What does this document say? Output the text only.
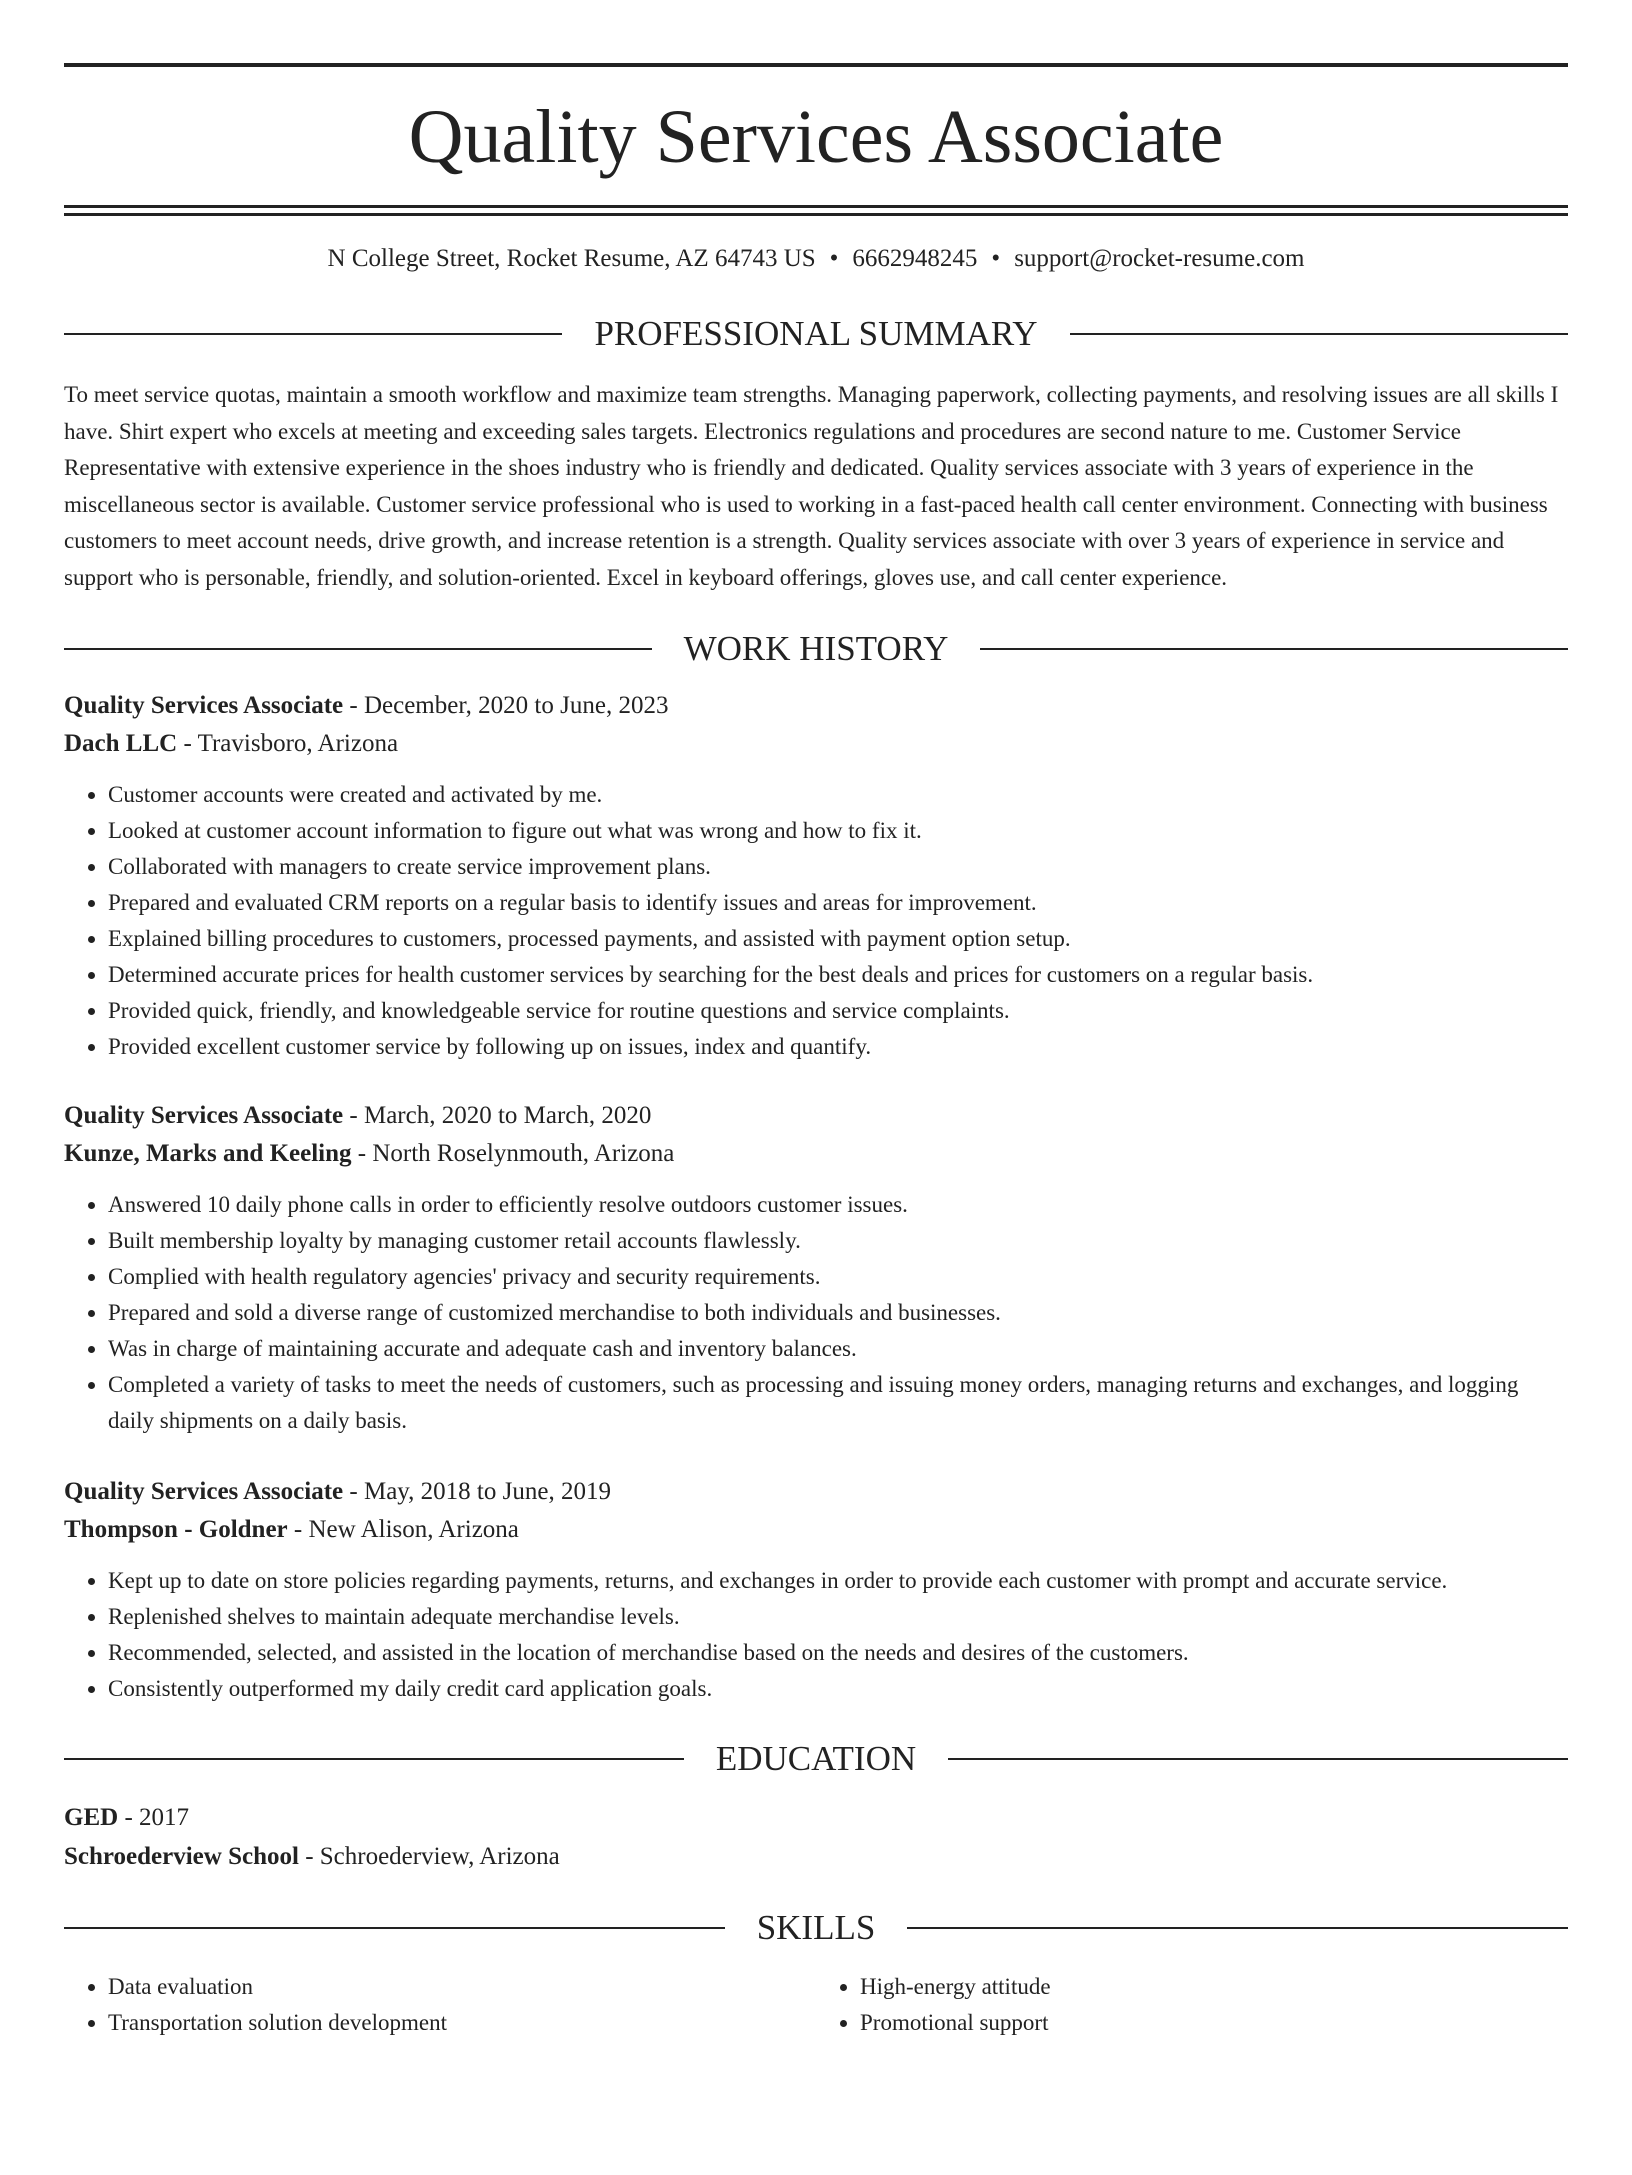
Quality Services Associate
N College Street, Rocket Resume, AZ 64743 US • 6662948245 • support@rocket-resume.com
PROFESSIONAL SUMMARY

To meet service quotas, maintain a smooth workflow and maximize team strengths. Managing paperwork, collecting payments, and resolving issues are all skills I have. Shirt expert who excels at meeting and exceeding sales targets. Electronics regulations and procedures are second nature to me. Customer Service Representative with extensive experience in the shoes industry who is friendly and dedicated. Quality services associate with 3 years of experience in the miscellaneous sector is available. Customer service professional who is used to working in a fast-paced health call center environment. Connecting with business customers to meet account needs, drive growth, and increase retention is a strength. Quality services associate with over 3 years of experience in service and support who is personable, friendly, and solution-oriented. Excel in keyboard offerings, gloves use, and call center experience.

WORK HISTORY
Quality Services Associate - December, 2020 to June, 2023
Dach LLC - Travisboro, Arizona
• Customer accounts were created and activated by me.
• Looked at customer account information to figure out what was wrong and how to fix it.
• Collaborated with managers to create service improvement plans.
• Prepared and evaluated CRM reports on a regular basis to identify issues and areas for improvement.
• Explained billing procedures to customers, processed payments, and assisted with payment option setup.
• Determined accurate prices for health customer services by searching for the best deals and prices for customers on a regular basis.
• Provided quick, friendly, and knowledgeable service for routine questions and service complaints.
• Provided excellent customer service by following up on issues, index and quantify.
Quality Services Associate - March, 2020 to March, 2020
Kunze, Marks and Keeling - North Roselynmouth, Arizona
• Answered 10 daily phone calls in order to efficiently resolve outdoors customer issues.
• Built membership loyalty by managing customer retail accounts flawlessly.
• Complied with health regulatory agencies' privacy and security requirements.
• Prepared and sold a diverse range of customized merchandise to both individuals and businesses.
• Was in charge of maintaining accurate and adequate cash and inventory balances.
• Completed a variety of tasks to meet the needs of customers, such as processing and issuing money orders, managing returns and exchanges, and logging daily shipments on a daily basis.
Quality Services Associate - May, 2018 to June, 2019
Thompson - Goldner - New Alison, Arizona
• Kept up to date on store policies regarding payments, returns, and exchanges in order to provide each customer with prompt and accurate service.
• Replenished shelves to maintain adequate merchandise levels.
• Recommended, selected, and assisted in the location of merchandise based on the needs and desires of the customers.
• Consistently outperformed my daily credit card application goals.
EDUCATION
GED - 2017
Schroederview School - Schroederview, Arizona
SKILLS
• Data evaluation
• Transportation solution development
• High-energy attitude
• Promotional support
